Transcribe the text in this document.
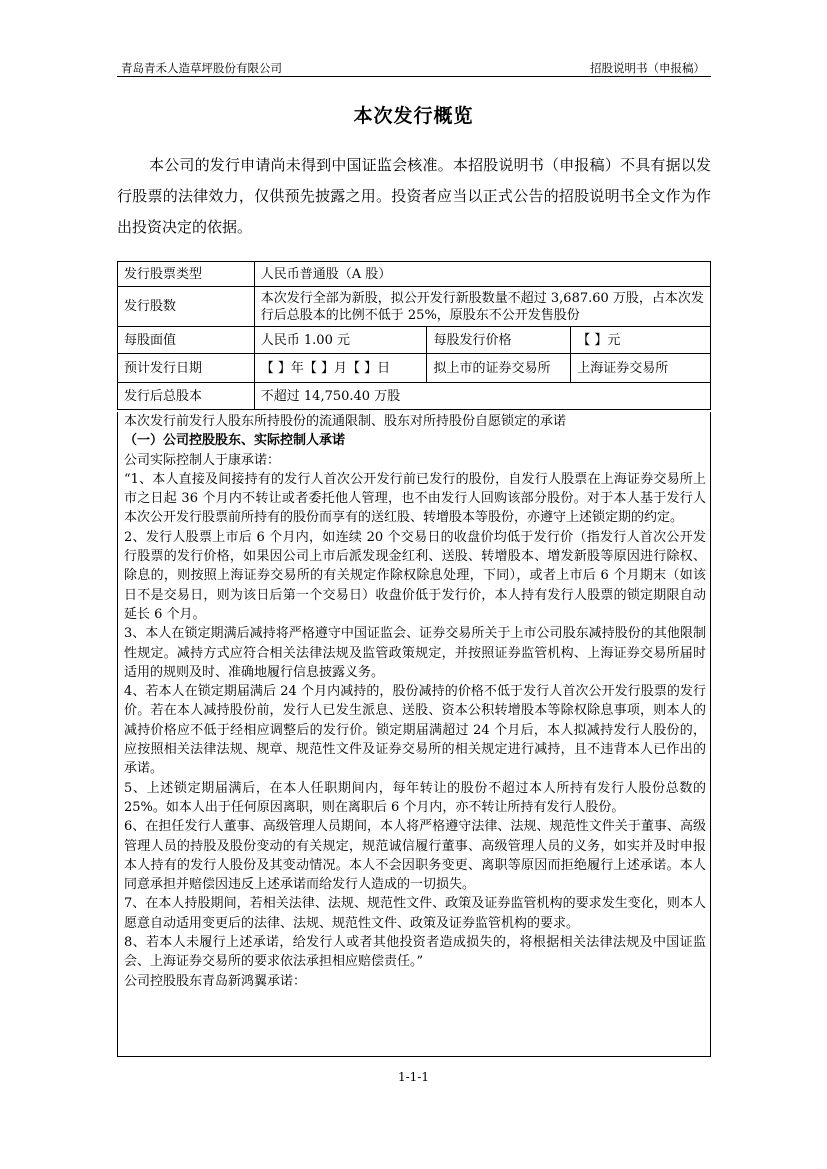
青岛青禾人造草坪股份有限公司	招股说明书（申报稿）
本次发行概览
本公司的发行申请尚未得到中国证监会核准。本招股说明书（申报稿）不具有据以发行股票的法律效力，仅供预先披露之用。投资者应当以正式公告的招股说明书全文作为作出投资决定的依据。
发行股票类型	人民币普通股（A 股）		
发行股数	本次发行全部为新股，拟公开发行新股数量不超过 3,687.60 万股，占本次发行后总股本的比例不低于 25%，原股东不公开发售股份		
每股面值	人民币 1.00 元	每股发行价格	【 】元
预计发行日期	【 】年【 】月【 】日	拟上市的证券交易所	上海证券交易所
发行后总股本	不超过 14,750.40 万股		

本次发行前发行人股东所持股份的流通限制、股东对所持股份自愿锁定的承诺

（一）公司控股股东、实际控制人承诺

公司实际控制人于康承诺：

“1、本人直接及间接持有的发行人首次公开发行前已发行的股份，自发行人股票在上海证券交易所上市之日起 36 个月内不转让或者委托他人管理，也不由发行人回购该部分股份。对于本人基于发行人本次公开发行股票前所持有的股份而享有的送红股、转增股本等股份，亦遵守上述锁定期的约定。

2、发行人股票上市后 6 个月内，如连续 20 个交易日的收盘价均低于发行价（指发行人首次公开发行股票的发行价格，如果因公司上市后派发现金红利、送股、转增股本、增发新股等原因进行除权、除息的，则按照上海证券交易所的有关规定作除权除息处理，下同），或者上市后 6 个月期末（如该日不是交易日，则为该日后第一个交易日）收盘价低于发行价，本人持有发行人股票的锁定期限自动延长 6 个月。

3、本人在锁定期满后减持将严格遵守中国证监会、证券交易所关于上市公司股东减持股份的其他限制性规定。减持方式应符合相关法律法规及监管政策规定，并按照证券监管机构、上海证券交易所届时适用的规则及时、准确地履行信息披露义务。

4、若本人在锁定期届满后 24 个月内减持的，股份减持的价格不低于发行人首次公开发行股票的发行价。若在本人减持股份前，发行人已发生派息、送股、资本公积转增股本等除权除息事项，则本人的减持价格应不低于经相应调整后的发行价。锁定期届满超过 24 个月后，本人拟减持发行人股份的，应按照相关法律法规、规章、规范性文件及证券交易所的相关规定进行减持，且不违背本人已作出的承诺。

5、上述锁定期届满后，在本人任职期间内，每年转让的股份不超过本人所持有发行人股份总数的 25%。如本人出于任何原因离职，则在离职后 6 个月内，亦不转让所持有发行人股份。

6、在担任发行人董事、高级管理人员期间，本人将严格遵守法律、法规、规范性文件关于董事、高级管理人员的持股及股份变动的有关规定，规范诚信履行董事、高级管理人员的义务，如实并及时申报本人持有的发行人股份及其变动情况。本人不会因职务变更、离职等原因而拒绝履行上述承诺。本人同意承担并赔偿因违反上述承诺而给发行人造成的一切损失。

7、在本人持股期间，若相关法律、法规、规范性文件、政策及证券监管机构的要求发生变化，则本人愿意自动适用变更后的法律、法规、规范性文件、政策及证券监管机构的要求。

8、若本人未履行上述承诺，给发行人或者其他投资者造成损失的，将根据相关法律法规及中国证监会、上海证券交易所的要求依法承担相应赔偿责任。”

公司控股股东青岛新鸿翼承诺：

1-1-1
